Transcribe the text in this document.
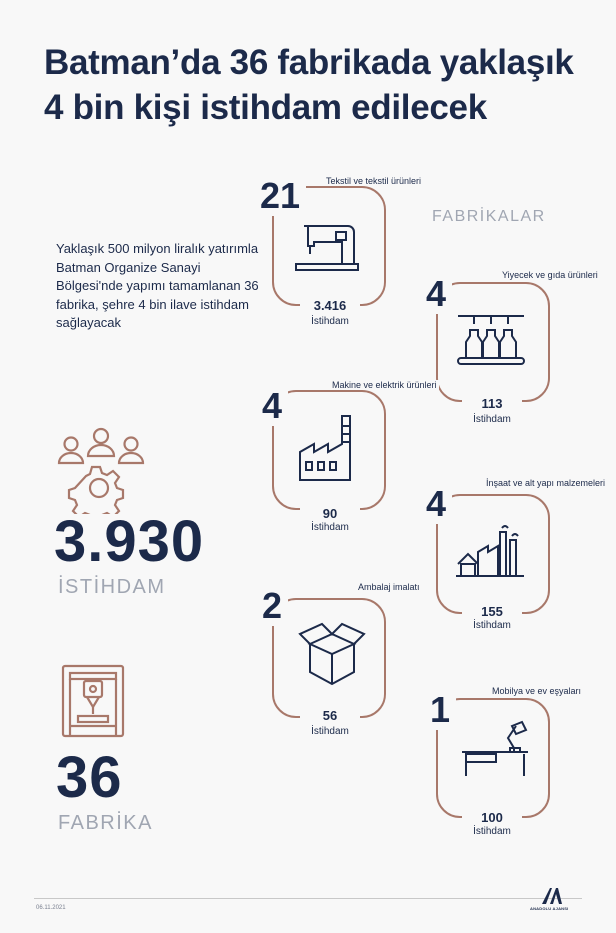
Batman’da 36 fabrikada yaklaşık 4 bin kişi istihdam edilecek
Yaklaşık 500 milyon liralık yatırımla Batman Organize Sanayi Bölgesi'nde yapımı tamamlanan 36 fabrika, şehre 4 bin ilave istihdam sağlayacak
3.930
İSTİHDAM
36
FABRİKA
FABRİKALAR
21	Tekstil ve tekstil ürünleri
3.416
İstihdam
4	Yiyecek ve gıda ürünleri
113
İstihdam
4	Makine ve elektrik ürünleri
90
İstihdam
4	İnşaat ve alt yapı malzemeleri
155
İstihdam
2	Ambalaj imalatı
56
İstihdam
1	Mobilya ve ev eşyaları
100
İstihdam
06.11.2021	ANADOLU AJANSI
